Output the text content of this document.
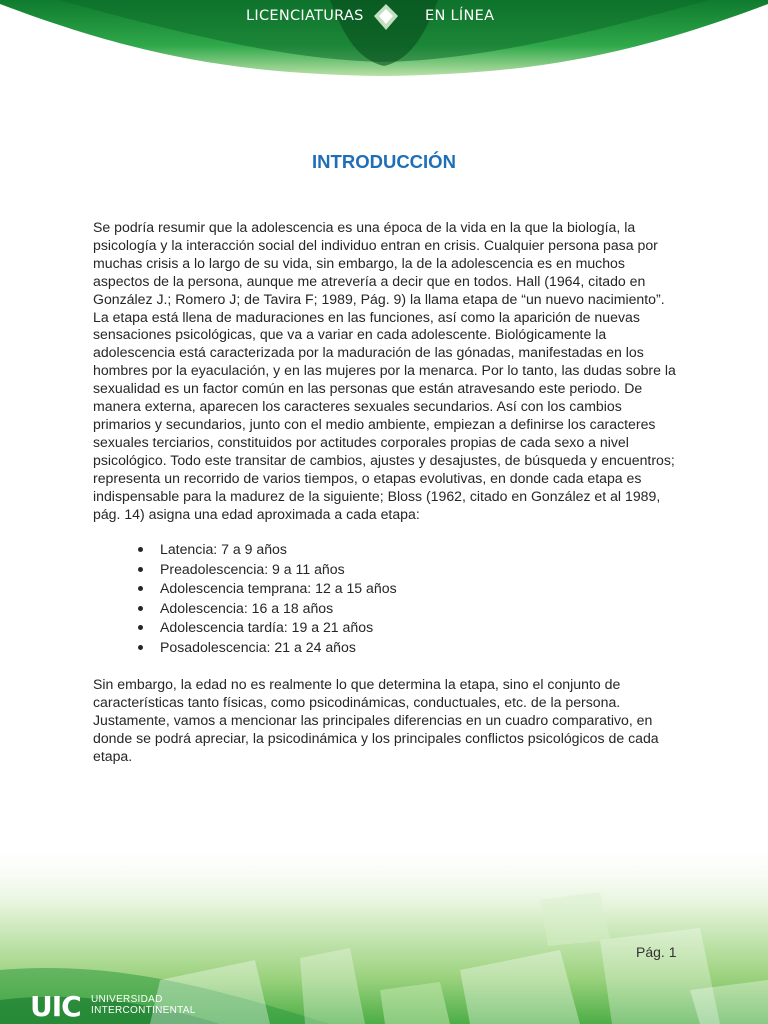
LICENCIATURAS	EN LÍNEA
INTRODUCCIÓN
Se podría resumir que la adolescencia es una época de la vida en la que la biología, la psicología y la interacción social del individuo entran en crisis. Cualquier persona pasa por muchas crisis a lo largo de su vida, sin embargo, la de la adolescencia es en muchos aspectos de la persona, aunque me atrevería a decir que en todos. Hall (1964, citado en González J.; Romero J; de Tavira F; 1989, Pág. 9) la llama etapa de “un nuevo nacimiento”. La etapa está llena de maduraciones en las funciones, así como la aparición de nuevas sensaciones psicológicas, que va a variar en cada adolescente. Biológicamente la adolescencia está caracterizada por la maduración de las gónadas, manifestadas en los hombres por la eyaculación, y en las mujeres por la menarca. Por lo tanto, las dudas sobre la sexualidad es un factor común en las personas que están atravesando este periodo. De manera externa, aparecen los caracteres sexuales secundarios. Así con los cambios primarios y secundarios, junto con el medio ambiente, empiezan a definirse los caracteres sexuales terciarios, constituidos por actitudes corporales propias de cada sexo a nivel psicológico. Todo este transitar de cambios, ajustes y desajustes, de búsqueda y encuentros; representa un recorrido de varios tiempos, o etapas evolutivas, en donde cada etapa es indispensable para la madurez de la siguiente; Bloss (1962, citado en González et al 1989, pág. 14) asigna una edad aproximada a cada etapa:
Latencia: 7 a 9 años
Preadolescencia: 9 a 11 años
Adolescencia temprana: 12 a 15 años
Adolescencia: 16 a 18 años
Adolescencia tardía: 19 a 21 años
Posadolescencia: 21 a 24 años
Sin embargo, la edad no es realmente lo que determina la etapa, sino el conjunto de características tanto físicas, como psicodinámicas, conductuales, etc. de la persona. Justamente, vamos a mencionar las principales diferencias en un cuadro comparativo, en donde se podrá apreciar, la psicodinámica y los principales conflictos psicológicos de cada etapa.
Pág. 1
UIC UNIVERSIDAD
INTERCONTINENTAL
